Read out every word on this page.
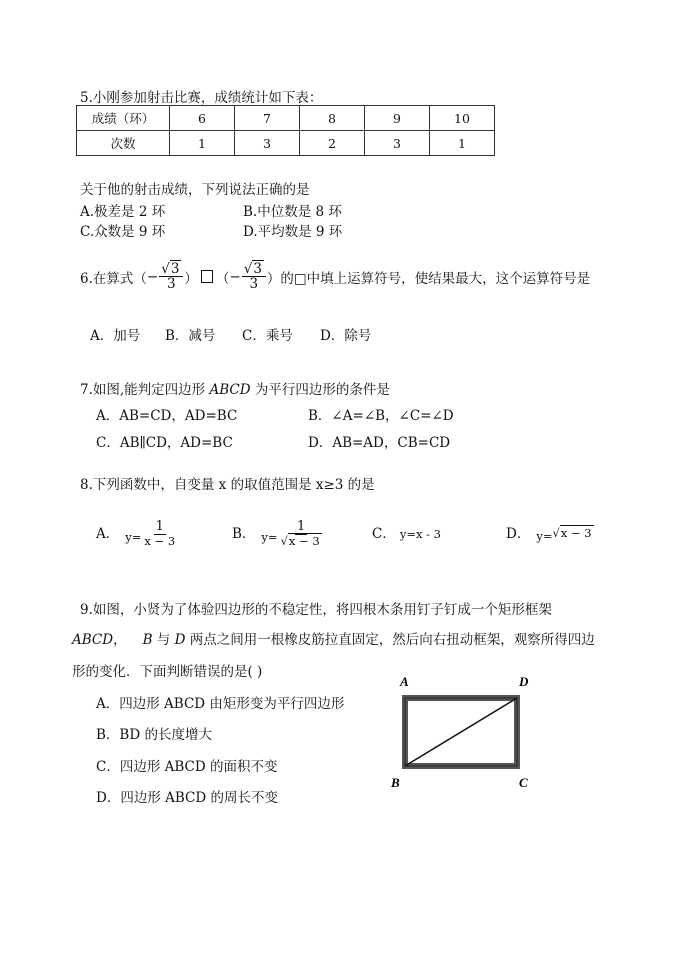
5.小刚参加射击比赛，成绩统计如下表：
成绩（环）	6	7	8	9	10
次数	1	3	2	3	1
关于他的射击成绩，下列说法正确的是
A.极差是 2 环	B.中位数是 8 环
C.众数是 9 环	D.平均数是 9 环
6.在算式（ − $\frac{√3}{3}$ ） （ − $\frac{√3}{3}$ ）的□中填上运算符号，使结果最大，这个运算符号是
A．加号 B．减号 C．乘号 D．除号
7.如图,能判定四边形 ABCD 为平行四边形的条件是
A．AB=CD，AD=BC	B．∠A=∠B，∠C=∠D
C．AB∥CD，AD=BC	D．AB=AD，CB=CD
8.下列函数中，自变量 x 的取值范围是 x≥3 的是
A． $y= \frac{1}{x - 3}$	B． $y= \frac{1}{√x - 3}$	C． y=x - 3	D． y= √x − 3
9.如图，小贤为了体验四边形的不稳定性，将四根木条用钉子钉成一个矩形框架
ABCD， B 与 D 两点之间用一根橡皮筋拉直固定，然后向右扭动框架，观察所得四边
形的变化．下面判断错误的是( )
A．四边形 ABCD 由矩形变为平行四边形
B．BD 的长度增大
C．四边形 ABCD 的面积不变
D．四边形 ABCD 的周长不变
A	D
B	C
